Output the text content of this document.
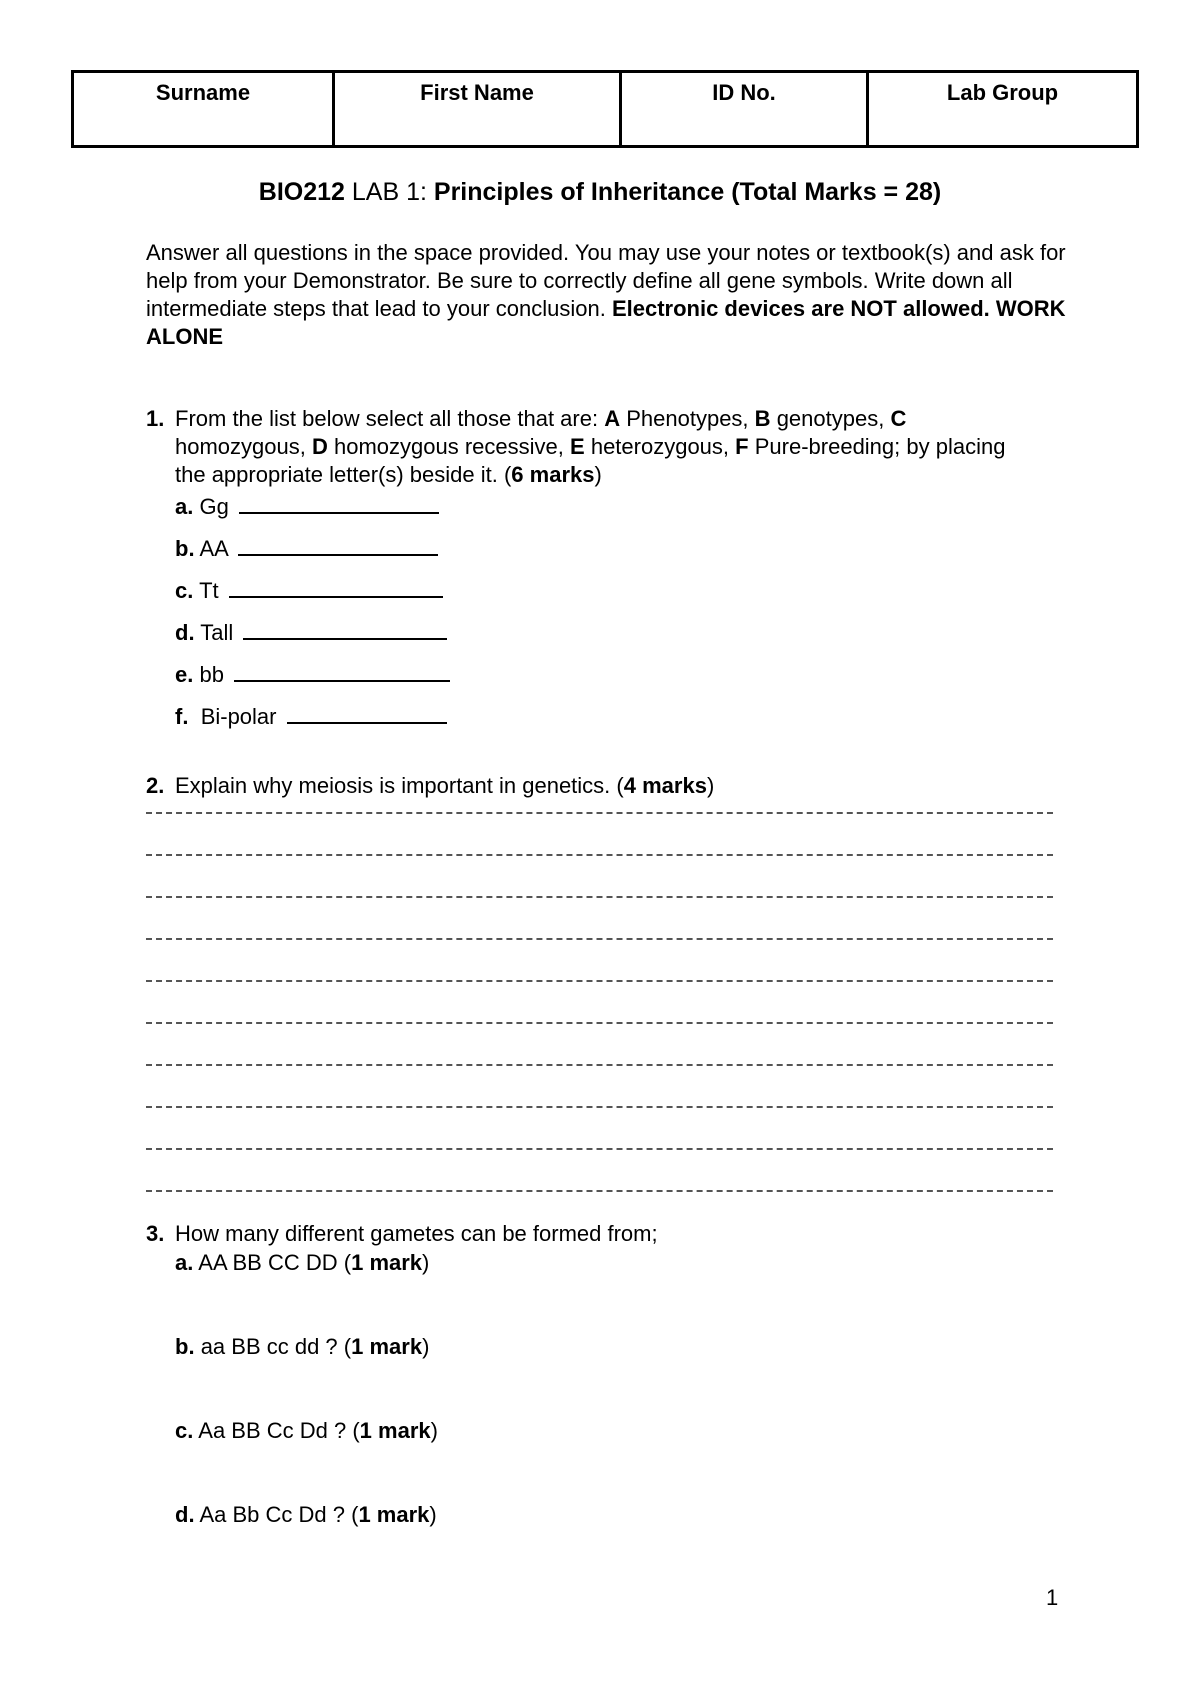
Surname	First Name	ID No.	Lab Group
BIO212 LAB 1: Principles of Inheritance (Total Marks = 28)
Answer all questions in the space provided. You may use your notes or textbook(s) and ask for help from your Demonstrator. Be sure to correctly define all gene symbols. Write down all intermediate steps that lead to your conclusion. Electronic devices are NOT allowed. WORK ALONE
1. From the list below select all those that are: A Phenotypes, B genotypes, C homozygous, D homozygous recessive, E heterozygous, F Pure-breeding; by placing the appropriate letter(s) beside it. (6 marks)
a. Gg
b. AA
c. Tt
d. Tall
e. bb
f. Bi-polar
2. Explain why meiosis is important in genetics. (4 marks)
3. How many different gametes can be formed from;
a. AA BB CC DD (1 mark)
b. aa BB cc dd ? (1 mark)
c. Aa BB Cc Dd ? (1 mark)
d. Aa Bb Cc Dd ? (1 mark)
1
